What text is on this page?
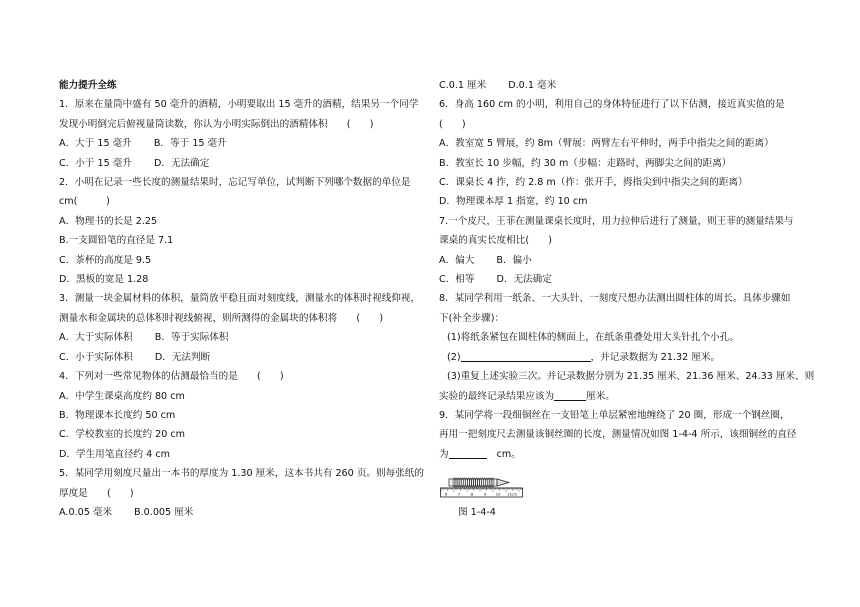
能力提升全练
1．原来在量筒中盛有 50 毫升的酒精，小明要取出 15 毫升的酒精，结果另一个同学
发现小明倒完后俯视量筒读数，你认为小明实际倒出的酒精体积　　(　　)
A．大于 15 毫升 B．等于 15 毫升
C．小于 15 毫升 D．无法确定
2．小明在记录一些长度的测量结果时，忘记写单位，试判断下列哪个数据的单位是
cm(　　　)
A．物理书的长是 2.25
B.一支圆铅笔的直径是 7.1
C．茶杯的高度是 9.5
D．黑板的宽是 1.28
3．测量一块金属材料的体积，量筒放平稳且面对刻度线，测量水的体积时视线仰视，
测量水和金属块的总体积时视线俯视，则所测得的金属块的体积将　　(　　)
A．大于实际体积 B．等于实际体积
C．小于实际体积 D．无法判断
4．下列对一些常见物体的估测最恰当的是　　(　　)
A．中学生课桌高度约 80 cm
B．物理课本长度约 50 cm
C．学校教室的长度约 20 cm
D．学生用笔直径约 4 cm
5．某同学用刻度尺量出一本书的厚度为 1.30 厘米，这本书共有 260 页。则每张纸的
厚度是　　(　　)
A.0.05 毫米 B.0.005 厘米
C.0.1 厘米 D.0.1 毫米
6．身高 160 cm 的小明，利用自己的身体特征进行了以下估测，接近真实值的是
(　　)
A．教室宽 5 臂展，约 8m（臂展：两臂左右平伸时，两手中指尖之间的距离）
B．教室长 10 步幅，约 30 m（步幅：走路时，两脚尖之间的距离）
C．课桌长 4 拃，约 2.8 m（拃：张开手，拇指尖到中指尖之间的距离）
D．物理课本厚 1 指宽，约 10 cm
7.一个皮尺，王菲在测量课桌长度时，用力拉伸后进行了测量，则王菲的测量结果与
课桌的真实长度相比(　　)
A．偏大 B．偏小
C．相等 D．无法确定
8．某同学利用一纸条、一大头针、一刻度尺想办法测出圆柱体的周长。具体步骤如
下(补全步骤)：
(1)将纸条紧包在圆柱体的侧面上，在纸条重叠处用大头针扎个小孔。
(2)	，并记录数据为 21.32 厘米。
(3)重复上述实验三次。并记录数据分别为 21.35 厘米、21.36 厘米、24.33 厘米、则
实验的最终记录结果应该为	厘米。
9．某同学将一段细铜丝在一支铅笔上单层紧密地缠绕了 20 圈，形成一个钢丝圈，
再用一把刻度尺去测量该铜丝圈的长度，测量情况如图 1-4-4 所示，该细铜丝的直径
为	cm。
6	7	8	9	10 11cm
图 1-4-4
